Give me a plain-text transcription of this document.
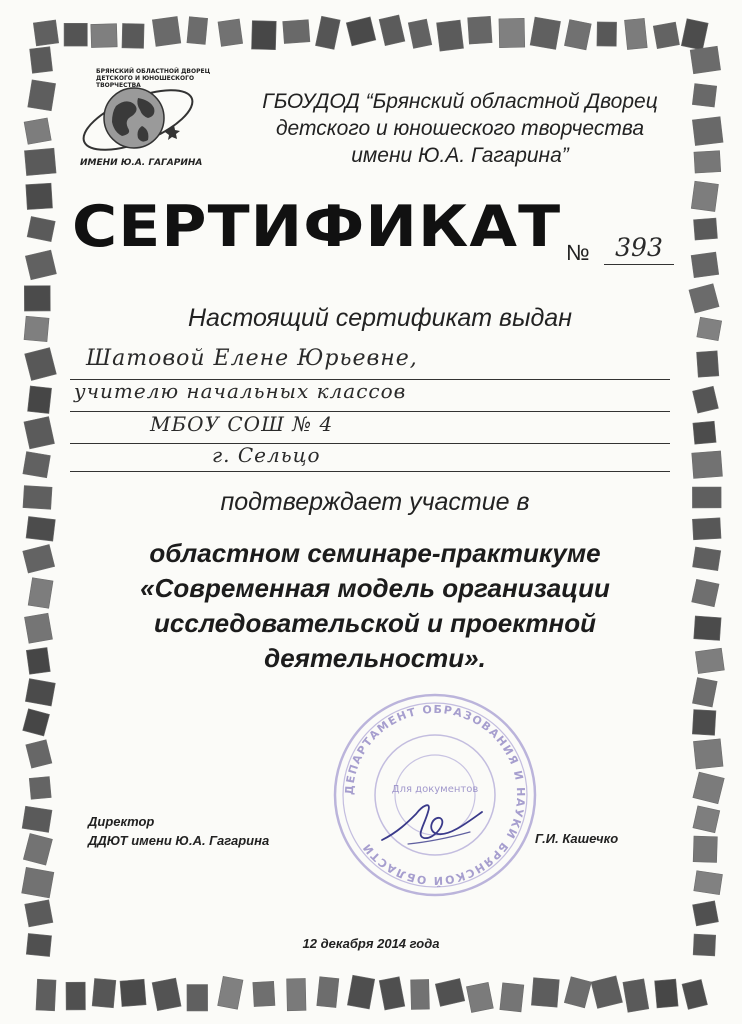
БРЯНСКИЙ ОБЛАСТНОЙ ДВОРЕЦ ДЕТСКОГО И ЮНОШЕСКОГО ТВОРЧЕСТВА
ИМЕНИ Ю.А. ГАГАРИНА
ГБОУДОД “Брянский областной Дворец
детского и юношеского творчества
имени Ю.А. Гагарина”
СЕРТИФИКАТ №	393
Настоящий сертификат выдан
Шатовой Елене Юрьевне,
учителю начальных классов
МБОУ СОШ № 4
г. Сельцо
подтверждает участие в
областном семинаре-практикуме
«Современная модель организации
исследовательской и проектной
деятельности».
ДЕПАРТАМЕНТ ОБРАЗОВАНИЯ И НАУКИ БРЯНСКОЙ ОБЛАСТИ
Для документов
Директор
ДДЮТ имени Ю.А. Гагарина	Г.И. Кашечко
12 декабря 2014 года
